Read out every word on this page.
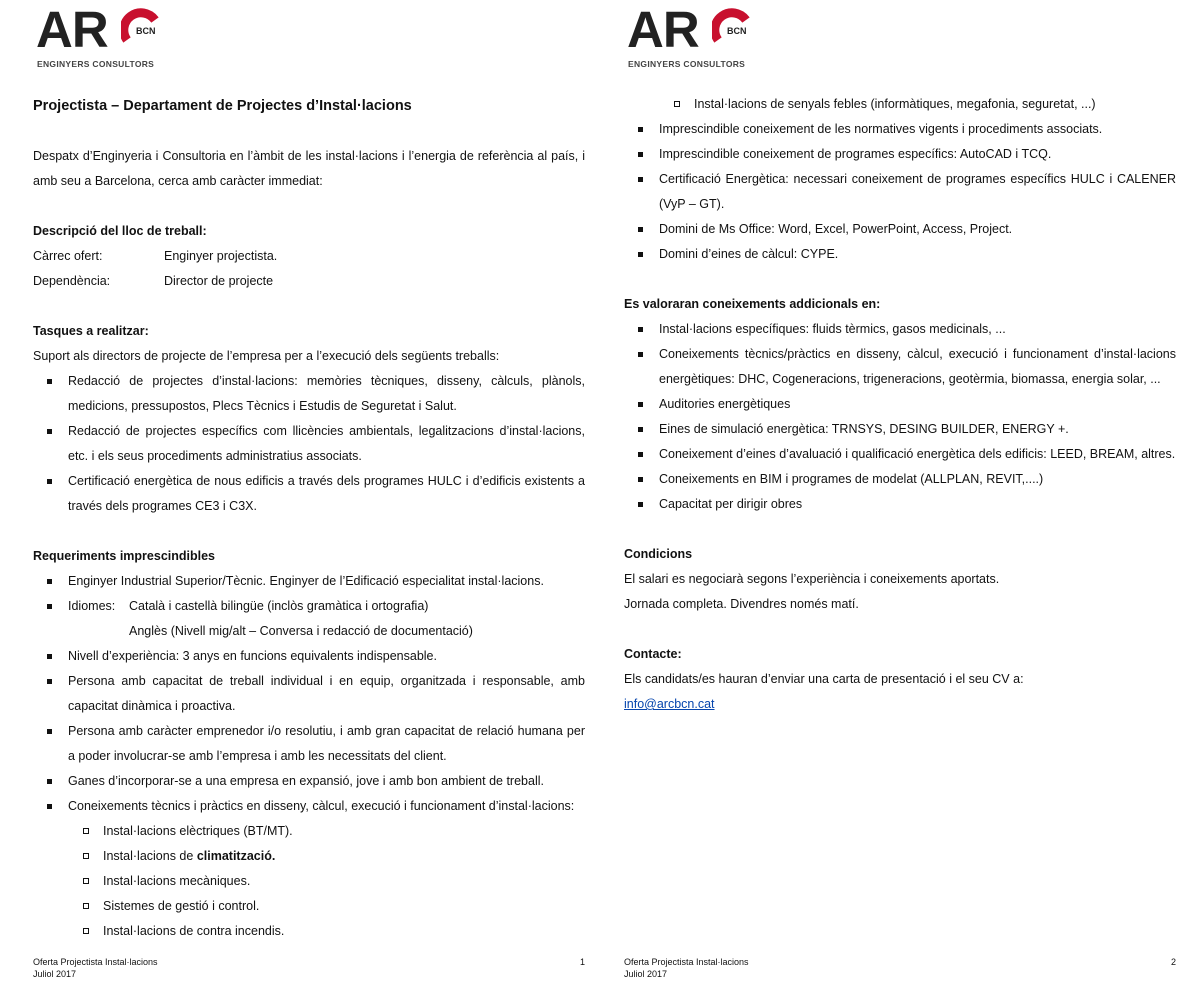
AR	BCN
ENGINYERS CONSULTORS
Projectista – Departament de Projectes d’Instal·lacions
Despatx d’Enginyeria i Consultoria en l’àmbit de les instal·lacions i l’energia de referència al país, i amb seu a Barcelona, cerca amb caràcter immediat:
Descripció del lloc de treball:
Càrrec ofert:	Enginyer projectista.
Dependència:	Director de projecte
Tasques a realitzar:
Suport als directors de projecte de l’empresa per a l’execució dels següents treballs:
Redacció de projectes d’instal·lacions: memòries tècniques, disseny, càlculs, plànols, medicions, pressupostos, Plecs Tècnics i Estudis de Seguretat i Salut.
Redacció de projectes específics com llicències ambientals, legalitzacions d’instal·lacions, etc. i els seus procediments administratius associats.
Certificació energètica de nous edificis a través dels programes HULC i d’edificis existents a través dels programes CE3 i C3X.
Requeriments imprescindibles
Enginyer Industrial Superior/Tècnic. Enginyer de l’Edificació especialitat instal·lacions.
Idiomes:	Català i castellà bilingüe (inclòs gramàtica i ortografia)
Anglès (Nivell mig/alt – Conversa i redacció de documentació)
Nivell d’experiència: 3 anys en funcions equivalents indispensable.
Persona amb capacitat de treball individual i en equip, organitzada i responsable, amb capacitat dinàmica i proactiva.
Persona amb caràcter emprenedor i/o resolutiu, i amb gran capacitat de relació humana per a poder involucrar-se amb l’empresa i amb les necessitats del client.
Ganes d’incorporar-se a una empresa en expansió, jove i amb bon ambient de treball.
Coneixements tècnics i pràctics en disseny, càlcul, execució i funcionament d’instal·lacions:
Instal·lacions elèctriques (BT/MT).
Instal·lacions de climatització.
Instal·lacions mecàniques.
Sistemes de gestió i control.
Instal·lacions de contra incendis.
Oferta Projectista Instal·lacions
Juliol 2017
1
AR	BCN
ENGINYERS CONSULTORS
Instal·lacions de senyals febles (informàtiques, megafonia, seguretat, ...)
Imprescindible coneixement de les normatives vigents i procediments associats.
Imprescindible coneixement de programes específics: AutoCAD i TCQ.
Certificació Energètica: necessari coneixement de programes específics HULC i CALENER (VyP – GT).
Domini de Ms Office: Word, Excel, PowerPoint, Access, Project.
Domini d’eines de càlcul: CYPE.
Es valoraran coneixements addicionals en:
Instal·lacions específiques: fluids tèrmics, gasos medicinals, ...
Coneixements tècnics/pràctics en disseny, càlcul, execució i funcionament d’instal·lacions energètiques: DHC, Cogeneracions, trigeneracions, geotèrmia, biomassa, energia solar, ...
Auditories energètiques
Eines de simulació energètica: TRNSYS, DESING BUILDER, ENERGY +.
Coneixement d’eines d’avaluació i qualificació energètica dels edificis: LEED, BREAM, altres.
Coneixements en BIM i programes de modelat (ALLPLAN, REVIT,....)
Capacitat per dirigir obres
Condicions
El salari es negociarà segons l’experiència i coneixements aportats.
Jornada completa. Divendres només matí.
Contacte:
Els candidats/es hauran d’enviar una carta de presentació i el seu CV a:
info@arcbcn.cat
Oferta Projectista Instal·lacions
Juliol 2017
2
